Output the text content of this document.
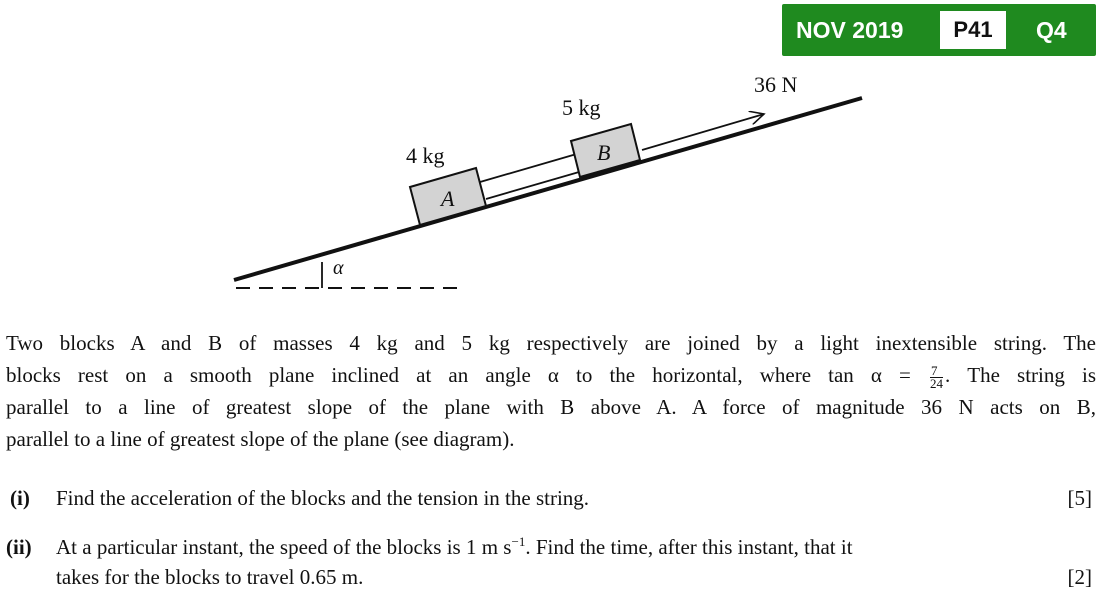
NOV 2019	P41	Q4
4 kg
A
5 kg
B
36 N
α

Two blocks A and B of masses 4 kg and 5 kg respectively are joined by a light inextensible string. The

blocks rest on a smooth plane inclined at an angle α to the horizontal, where $\tan \alpha = \frac{7}{24}$ . The string is

parallel to a line of greatest slope of the plane with B above A. A force of magnitude 36 N acts on B,

parallel to a line of greatest slope of the plane (see diagram).

(i) Find the acceleration of the blocks and the tension in the string.	[5]
(ii) At a particular instant, the speed of the blocks is 1 m $s^{-1}$. Find the time, after this instant, that it
takes for the blocks to travel 0.65 m.	[2]
